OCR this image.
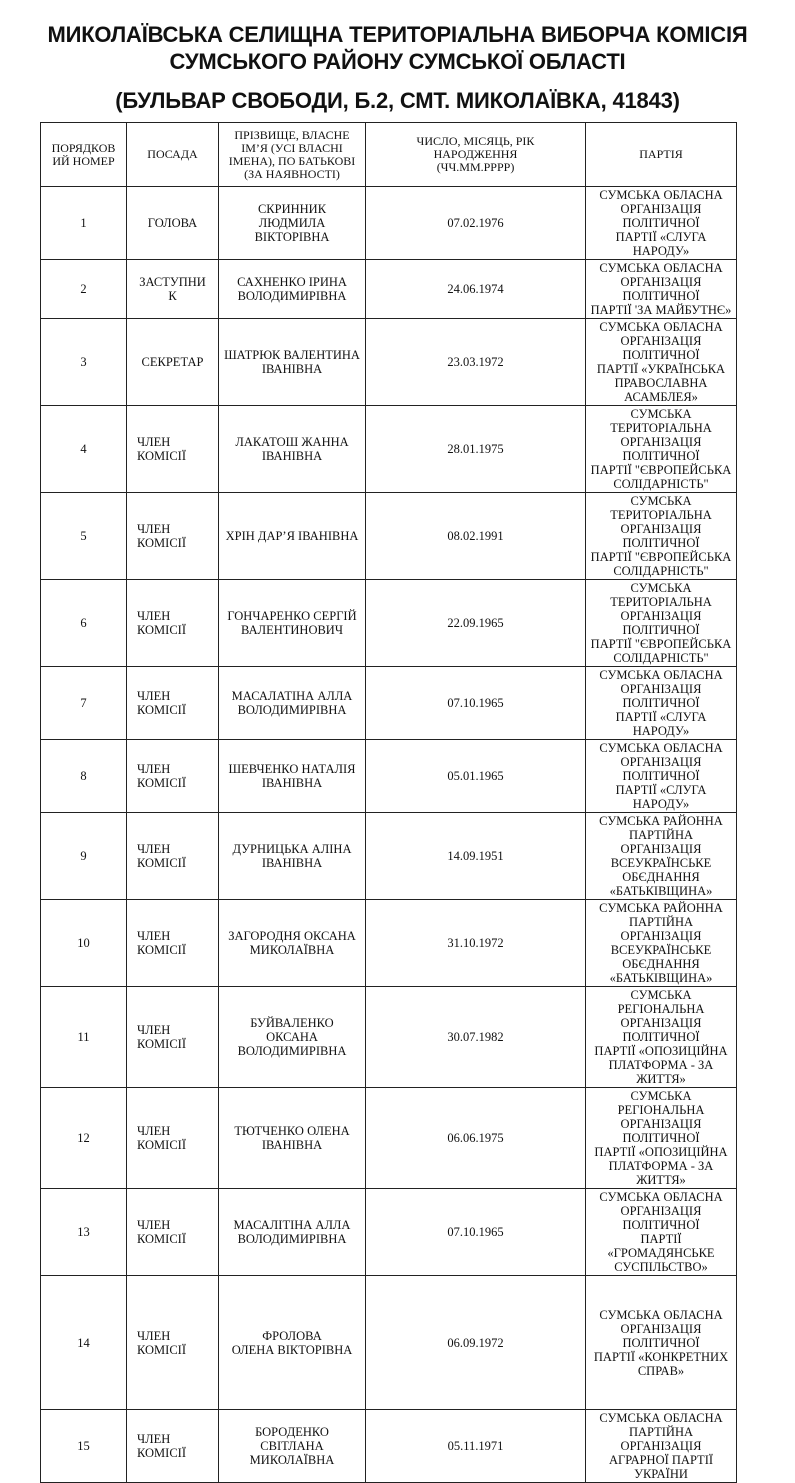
МИКОЛАЇВСЬКА СЕЛИЩНА ТЕРИТОРІАЛЬНА ВИБОРЧА КОМІСІЯ
СУМСЬКОГО РАЙОНУ СУМСЬКОЇ ОБЛАСТІ
(БУЛЬВАР СВОБОДИ, Б.2, СМТ. МИКОЛАЇВКА, 41843)
ПОРЯДКОВ
ИЙ НОМЕР	ПОСАДА	ПРІЗВИЩЕ, ВЛАСНЕ
ІМ’Я (УСІ ВЛАСНІ
ІМЕНА), ПО БАТЬКОВІ
(ЗА НАЯВНОСТІ)	ЧИСЛО, МІСЯЦЬ, РІК
НАРОДЖЕННЯ
(ЧЧ.ММ.РРРР)	ПАРТІЯ
1	ГОЛОВА	СКРИННИК
ЛЮДМИЛА
ВІКТОРІВНА	07.02.1976	СУМСЬКА ОБЛАСНА
ОРГАНІЗАЦІЯ ПОЛІТИЧНОЇ
ПАРТІЇ «СЛУГА НАРОДУ»
2	ЗАСТУПНИ
К	САХНЕНКО ІРИНА
ВОЛОДИМИРІВНА	24.06.1974	СУМСЬКА ОБЛАСНА
ОРГАНІЗАЦІЯ ПОЛІТИЧНОЇ
ПАРТІЇ 'ЗА МАЙБУТНЄ»
3	СЕКРЕТАР	ШАТРЮК ВАЛЕНТИНА
ІВАНІВНА	23.03.1972	СУМСЬКА ОБЛАСНА
ОРГАНІЗАЦІЯ ПОЛІТИЧНОЇ
ПАРТІЇ «УКРАЇНСЬКА
ПРАВОСЛАВНА
АСАМБЛЕЯ»
4	ЧЛЕН
КОМІСІЇ	ЛАКАТОШ ЖАННА
ІВАНІВНА	28.01.1975	СУМСЬКА ТЕРИТОРІАЛЬНА
ОРГАНІЗАЦІЯ ПОЛІТИЧНОЇ
ПАРТІЇ "ЄВРОПЕЙСЬКА
СОЛІДАРНІСТЬ"
5	ЧЛЕН
КОМІСІЇ	ХРІН ДАР’Я ІВАНІВНА	08.02.1991	СУМСЬКА ТЕРИТОРІАЛЬНА
ОРГАНІЗАЦІЯ ПОЛІТИЧНОЇ
ПАРТІЇ "ЄВРОПЕЙСЬКА
СОЛІДАРНІСТЬ"
6	ЧЛЕН
КОМІСІЇ	ГОНЧАРЕНКО СЕРГІЙ
ВАЛЕНТИНОВИЧ	22.09.1965	СУМСЬКА ТЕРИТОРІАЛЬНА
ОРГАНІЗАЦІЯ ПОЛІТИЧНОЇ
ПАРТІЇ "ЄВРОПЕЙСЬКА
СОЛІДАРНІСТЬ"
7	ЧЛЕН
КОМІСІЇ	МАСАЛАТІНА АЛЛА
ВОЛОДИМИРІВНА	07.10.1965	СУМСЬКА ОБЛАСНА
ОРГАНІЗАЦІЯ ПОЛІТИЧНОЇ
ПАРТІЇ «СЛУГА НАРОДУ»
8	ЧЛЕН
КОМІСІЇ	ШЕВЧЕНКО НАТАЛІЯ
ІВАНІВНА	05.01.1965	СУМСЬКА ОБЛАСНА
ОРГАНІЗАЦІЯ ПОЛІТИЧНОЇ
ПАРТІЇ «СЛУГА НАРОДУ»
9	ЧЛЕН
КОМІСІЇ	ДУРНИЦЬКА АЛІНА
ІВАНІВНА	14.09.1951	СУМСЬКА РАЙОННА
ПАРТІЙНА ОРГАНІЗАЦІЯ
ВСЕУКРАЇНСЬКЕ
ОБЄДНАННЯ
«БАТЬКІВЩИНА»
10	ЧЛЕН
КОМІСІЇ	ЗАГОРОДНЯ ОКСАНА
МИКОЛАЇВНА	31.10.1972	СУМСЬКА РАЙОННА
ПАРТІЙНА ОРГАНІЗАЦІЯ
ВСЕУКРАЇНСЬКЕ
ОБЄДНАННЯ
«БАТЬКІВЩИНА»
11	ЧЛЕН
КОМІСІЇ	БУЙВАЛЕНКО
ОКСАНА
ВОЛОДИМИРІВНА	30.07.1982	СУМСЬКА РЕГІОНАЛЬНА
ОРГАНІЗАЦІЯ ПОЛІТИЧНОЇ
ПАРТІЇ «ОПОЗИЦІЙНА
ПЛАТФОРМА - ЗА ЖИТТЯ»
12	ЧЛЕН
КОМІСІЇ	ТЮТЧЕНКО ОЛЕНА
ІВАНІВНА	06.06.1975	СУМСЬКА РЕГІОНАЛЬНА
ОРГАНІЗАЦІЯ ПОЛІТИЧНОЇ
ПАРТІЇ «ОПОЗИЦІЙНА
ПЛАТФОРМА - ЗА ЖИТТЯ»
13	ЧЛЕН
КОМІСІЇ	МАСАЛІТІНА АЛЛА
ВОЛОДИМИРІВНА	07.10.1965	СУМСЬКА ОБЛАСНА
ОРГАНІЗАЦІЯ ПОЛІТИЧНОЇ
ПАРТІЇ «ГРОМАДЯНСЬКЕ
СУСПІЛЬСТВО»
14	ЧЛЕН
КОМІСІЇ	ФРОЛОВА
ОЛЕНА ВІКТОРІВНА	06.09.1972	СУМСЬКА ОБЛАСНА
ОРГАНІЗАЦІЯ ПОЛІТИЧНОЇ
ПАРТІЇ «КОНКРЕТНИХ
СПРАВ»
15	ЧЛЕН
КОМІСІЇ	БОРОДЕНКО
СВІТЛАНА
МИКОЛАЇВНА	05.11.1971	СУМСЬКА ОБЛАСНА
ПАРТІЙНА ОРГАНІЗАЦІЯ
АГРАРНОЇ ПАРТІЇ УКРАЇНИ
